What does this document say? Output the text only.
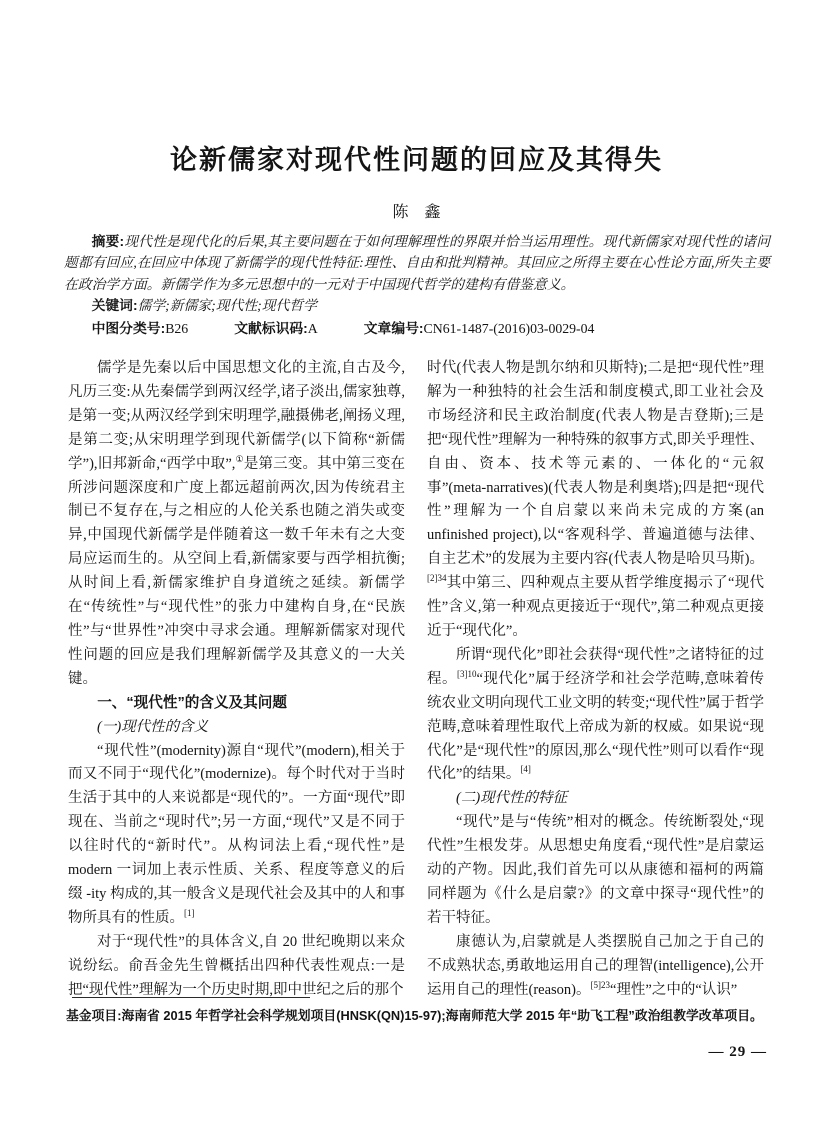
论新儒家对现代性问题的回应及其得失
陈　鑫

摘要:现代性是现代化的后果,其主要问题在于如何理解理性的界限并恰当运用理性。现代新儒家对现代性的诸问题都有回应,在回应中体现了新儒学的现代性特征:理性、自由和批判精神。其回应之所得主要在心性论方面,所失主要在政治学方面。新儒学作为多元思想中的一元对于中国现代哲学的建构有借鉴意义。

关键词:儒学;新儒家;现代性;现代哲学

中图分类号:B26	文献标识码:A	文章编号:CN61-1487-(2016)03-0029-04

儒学是先秦以后中国思想文化的主流,自古及今,凡历三变:从先秦儒学到两汉经学,诸子淡出,儒家独尊,是第一变;从两汉经学到宋明理学,融摄佛老,阐扬义理,是第二变;从宋明理学到现代新儒学(以下简称“新儒学”),旧邦新命,“西学中取”,①是第三变。其中第三变在所涉问题深度和广度上都远超前两次,因为传统君主制已不复存在,与之相应的人伦关系也随之消失或变异,中国现代新儒学是伴随着这一数千年未有之大变局应运而生的。从空间上看,新儒家要与西学相抗衡;从时间上看,新儒家维护自身道统之延续。新儒学在“传统性”与“现代性”的张力中建构自身,在“民族性”与“世界性”冲突中寻求会通。理解新儒家对现代性问题的回应是我们理解新儒学及其意义的一大关键。

一、“现代性”的含义及其问题
(一)现代性的含义

“现代性”(modernity)源自“现代”(modern),相关于而又不同于“现代化”(modernize)。每个时代对于当时生活于其中的人来说都是“现代的”。一方面“现代”即现在、当前之“现时代”;另一方面,“现代”又是不同于以往时代的“新时代”。从构词法上看,“现代性”是 modern 一词加上表示性质、关系、程度等意义的后缀 -ity 构成的,其一般含义是现代社会及其中的人和事物所具有的性质。[1]

对于“现代性”的具体含义,自 20 世纪晚期以来众说纷纭。俞吾金先生曾概括出四种代表性观点:一是把“现代性”理解为一个历史时期,即中世纪之后的那个

时代(代表人物是凯尔纳和贝斯特);二是把“现代性”理解为一种独特的社会生活和制度模式,即工业社会及市场经济和民主政治制度(代表人物是吉登斯);三是把“现代性”理解为一种特殊的叙事方式,即关乎理性、自由、资本、技术等元素的、一体化的“元叙事”(meta-narratives)(代表人物是利奥塔);四是把“现代性”理解为一个自启蒙以来尚未完成的方案(an unfinished project),以“客观科学、普遍道德与法律、自主艺术”的发展为主要内容(代表人物是哈贝马斯)。$^{[2]34}$其中第三、四种观点主要从哲学维度揭示了“现代性”含义,第一种观点更接近于“现代”,第二种观点更接近于“现代化”。

所谓“现代化”即社会获得“现代性”之诸特征的过程。$^{[3]10}$“现代化”属于经济学和社会学范畴,意味着传统农业文明向现代工业文明的转变;“现代性”属于哲学范畴,意味着理性取代上帝成为新的权威。如果说“现代化”是“现代性”的原因,那么“现代性”则可以看作“现代化”的结果。[4]

(二)现代性的特征

“现代”是与“传统”相对的概念。传统断裂处,“现代性”生根发芽。从思想史角度看,“现代性”是启蒙运动的产物。因此,我们首先可以从康德和福柯的两篇同样题为《什么是启蒙?》的文章中探寻“现代性”的若干特征。

康德认为,启蒙就是人类摆脱自己加之于自己的不成熟状态,勇敢地运用自己的理智(intelligence),公开运用自己的理性(reason)。$^{[5]23}$“理性”之中的“认识”

基金项目:海南省 2015 年哲学社会科学规划项目(HNSK(QN)15-97);海南师范大学 2015 年“助飞工程”政治组教学改革项目。

— 29 —
